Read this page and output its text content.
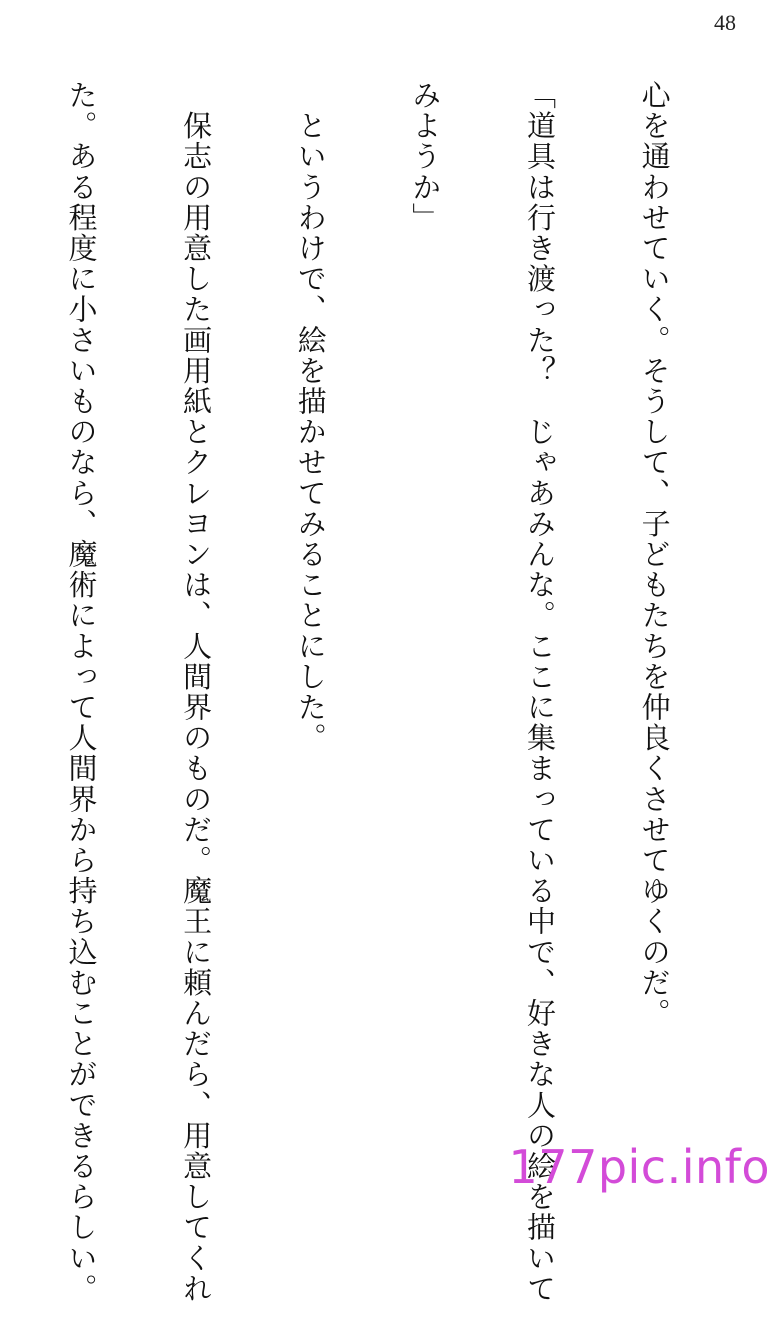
48

心を通わせていく。そうして、子どもたちを仲良くさせてゆくのだ。

「道具は行き渡った？　じゃあみんな。ここに集まっている中で、好きな人の絵を描いて

みようか」

　というわけで、絵を描かせてみることにした。

　保志の用意した画用紙とクレヨンは、人間界のものだ。魔王に頼んだら、用意してくれ

た。ある程度に小さいものなら、魔術によって人間界から持ち込むことができるらしい。

	177pic.info
